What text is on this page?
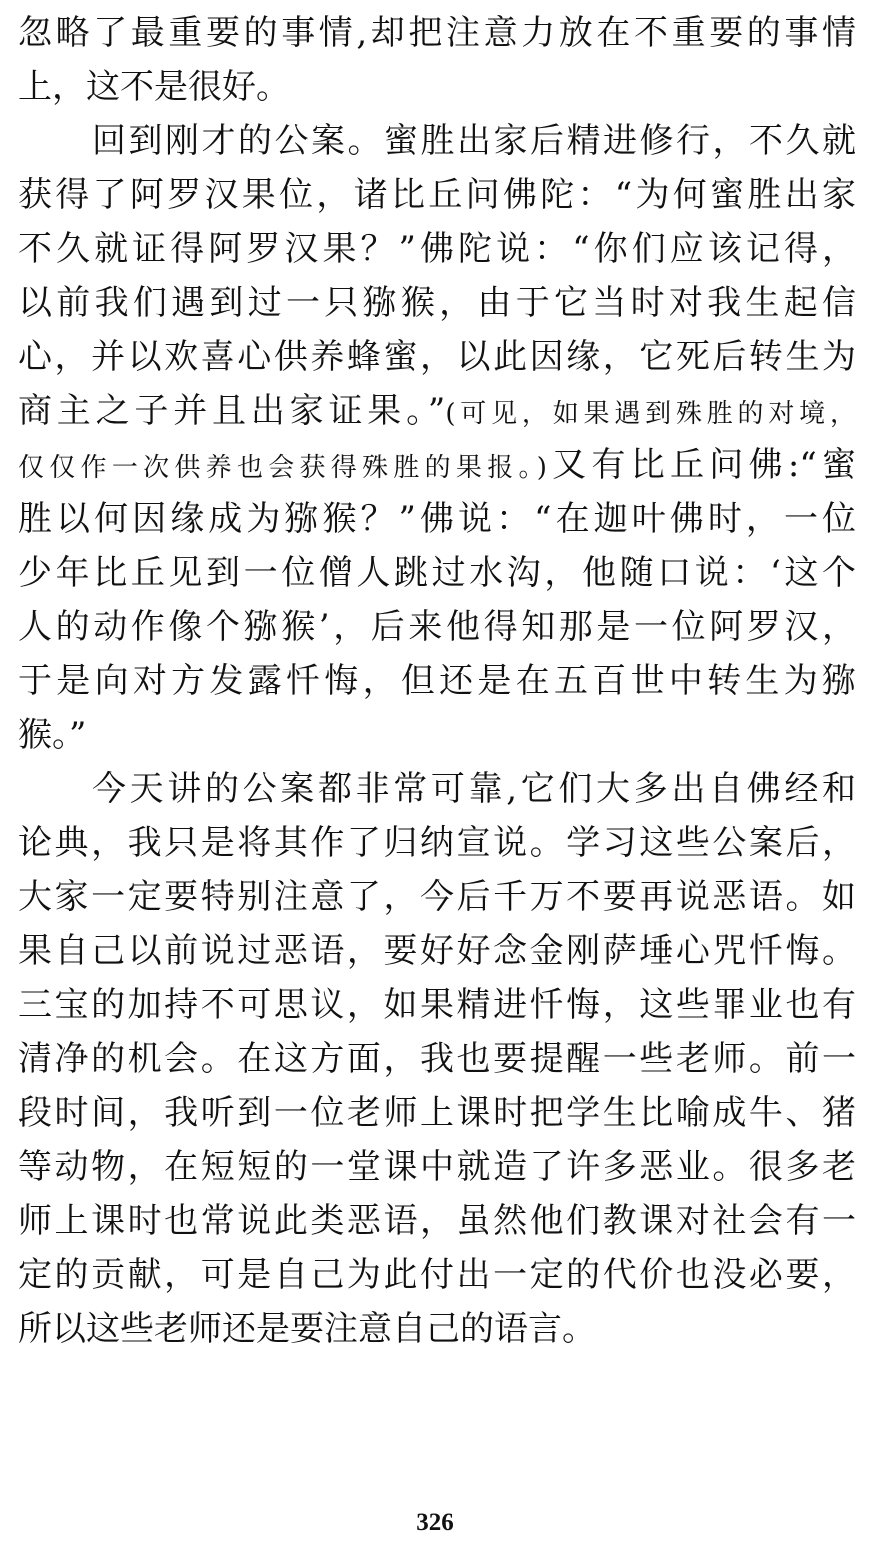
忽略了最重要的事情,却把注意力放在不重要的事情
上，这不是很好。
回到刚才的公案。蜜胜出家后精进修行，不久就
获得了阿罗汉果位，诸比丘问佛陀：“为何蜜胜出家
不久就证得阿罗汉果？”佛陀说：“你们应该记得，
以前我们遇到过一只猕猴，由于它当时对我生起信
心，并以欢喜心供养蜂蜜，以此因缘，它死后转生为
商主之子并且出家证果。”(可见，如果遇到殊胜的对境，
仅仅作一次供养也会获得殊胜的果报。)又有比丘问佛:“蜜
胜以何因缘成为猕猴？”佛说：“在迦叶佛时，一位
少年比丘见到一位僧人跳过水沟，他随口说：‘这个
人的动作像个猕猴’，后来他得知那是一位阿罗汉，
于是向对方发露忏悔，但还是在五百世中转生为猕
猴。”
今天讲的公案都非常可靠,它们大多出自佛经和
论典，我只是将其作了归纳宣说。学习这些公案后，
大家一定要特别注意了，今后千万不要再说恶语。如
果自己以前说过恶语，要好好念金刚萨埵心咒忏悔。
三宝的加持不可思议，如果精进忏悔，这些罪业也有
清净的机会。在这方面，我也要提醒一些老师。前一
段时间，我听到一位老师上课时把学生比喻成牛、猪
等动物，在短短的一堂课中就造了许多恶业。很多老
师上课时也常说此类恶语，虽然他们教课对社会有一
定的贡献，可是自己为此付出一定的代价也没必要，
所以这些老师还是要注意自己的语言。
326
